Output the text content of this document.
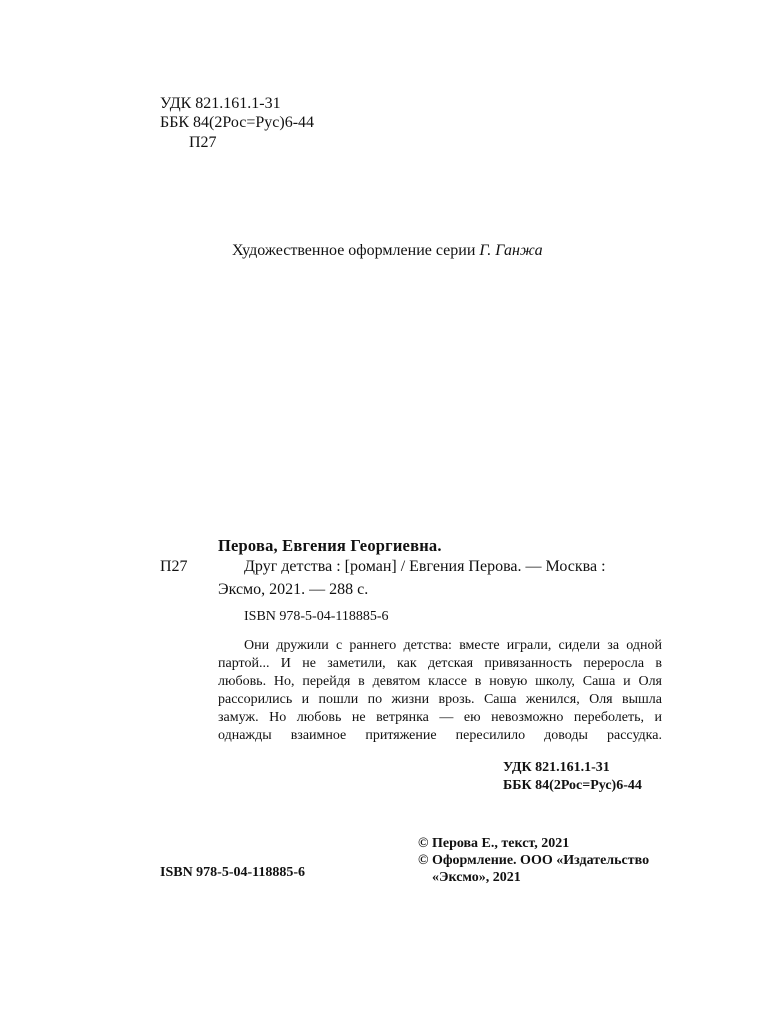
УДК 821.161.1-31
ББК 84(2Рос=Рус)6-44
П27
Художественное оформление серии Г. Ганжа
Перова, Евгения Георгиевна.
П27	Друг детства : [роман] / Евгения Перова. — Москва :
Эксмо, 2021. — 288 с.
ISBN 978-5-04-118885-6

Они дружили с раннего детства: вместе играли, сидели за одной

партой... И не заметили, как детская привязанность переросла в

любовь. Но, перейдя в девятом классе в новую школу, Саша и Оля

рассорились и пошли по жизни врозь. Саша женился, Оля вышла

замуж. Но любовь не ветрянка — ею невозможно переболеть, и

однажды взаимное притяжение пересилило доводы рассудка.

УДК 821.161.1-31
ББК 84(2Рос=Рус)6-44
ISBN 978-5-04-118885-6
© Перова Е., текст, 2021
© Оформление. ООО «Издательство
«Эксмо», 2021
